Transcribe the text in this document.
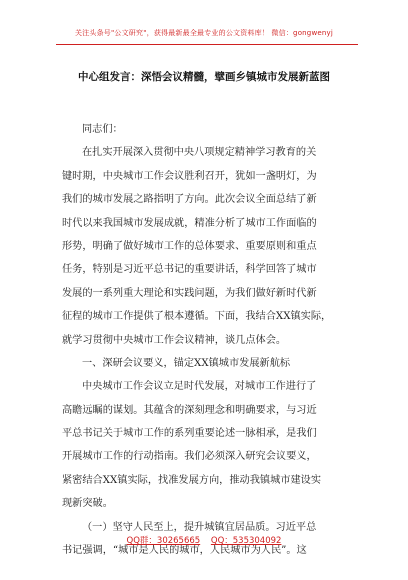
关注头条号"公文研究"，获得最新最全最专业的公文资料库！ 微信：gongwenyj
中心组发言：深悟会议精髓，擘画乡镇城市发展新蓝图
同志们：
在扎实开展深入贯彻中央八项规定精神学习教育的关
键时期，中央城市工作会议胜利召开，犹如一盏明灯，为
我们的城市发展之路指明了方向。此次会议全面总结了新
时代以来我国城市发展成就，精准分析了城市工作面临的
形势，明确了做好城市工作的总体要求、重要原则和重点
任务，特别是习近平总书记的重要讲话，科学回答了城市
发展的一系列重大理论和实践问题，为我们做好新时代新
征程的城市工作提供了根本遵循。下面，我结合XX镇实际，
就学习贯彻中央城市工作会议精神，谈几点体会。
一、深研会议要义，锚定XX镇城市发展新航标
中央城市工作会议立足时代发展，对城市工作进行了
高瞻远瞩的谋划。其蕴含的深刻理念和明确要求，与习近
平总书记关于城市工作的系列重要论述一脉相承，是我们
开展城市工作的行动指南。我们必须深入研究会议要义，
紧密结合XX镇实际，找准发展方向，推动我镇城市建设实
现新突破。
（一）坚守人民至上，提升城镇宜居品质。习近平总
书记强调，“城市是人民的城市，人民城市为人民”。这
QQ群：30265665 QQ：535304092
